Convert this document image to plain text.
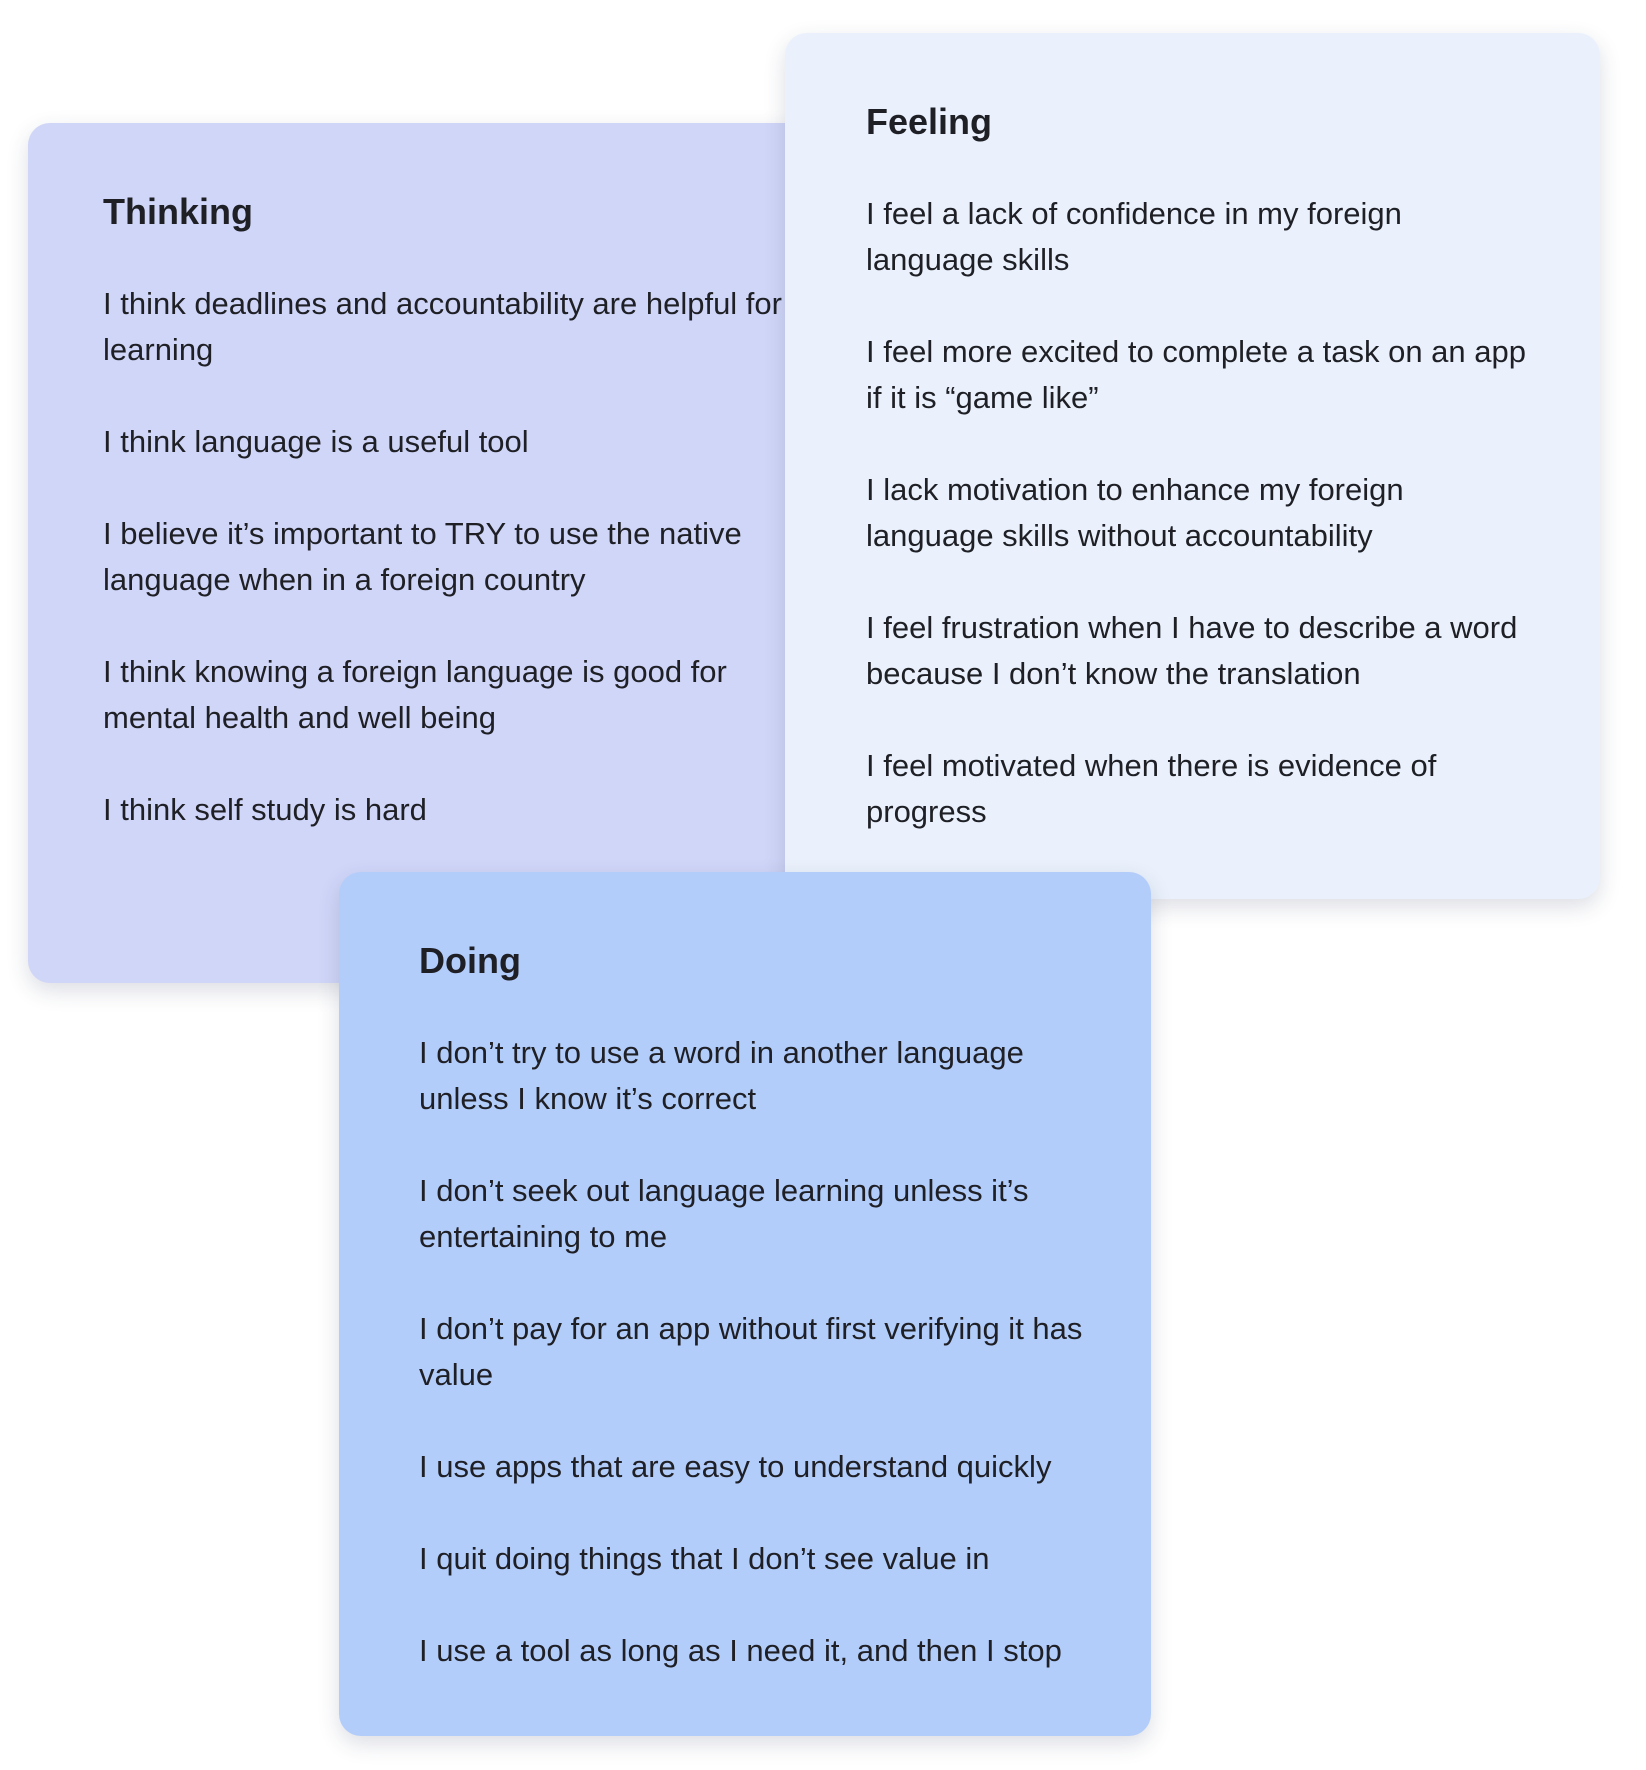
Thinking
I think deadlines and accountability are helpful for learning
I think language is a useful tool
I believe it’s important to TRY to use the native language when in a foreign country
I think knowing a foreign language is good for mental health and well being
I think self study is hard
Feeling
I feel a lack of confidence in my foreign language skills
I feel more excited to complete a task on an app if it is “game like”
I lack motivation to enhance my foreign language skills without accountability
I feel frustration when I have to describe a word because I don’t know the translation
I feel motivated when there is evidence of progress
Doing
I don’t try to use a word in another language unless I know it’s correct
I don’t seek out language learning unless it’s entertaining to me
I don’t pay for an app without first verifying it has value
I use apps that are easy to understand quickly
I quit doing things that I don’t see value in
I use a tool as long as I need it, and then I stop
